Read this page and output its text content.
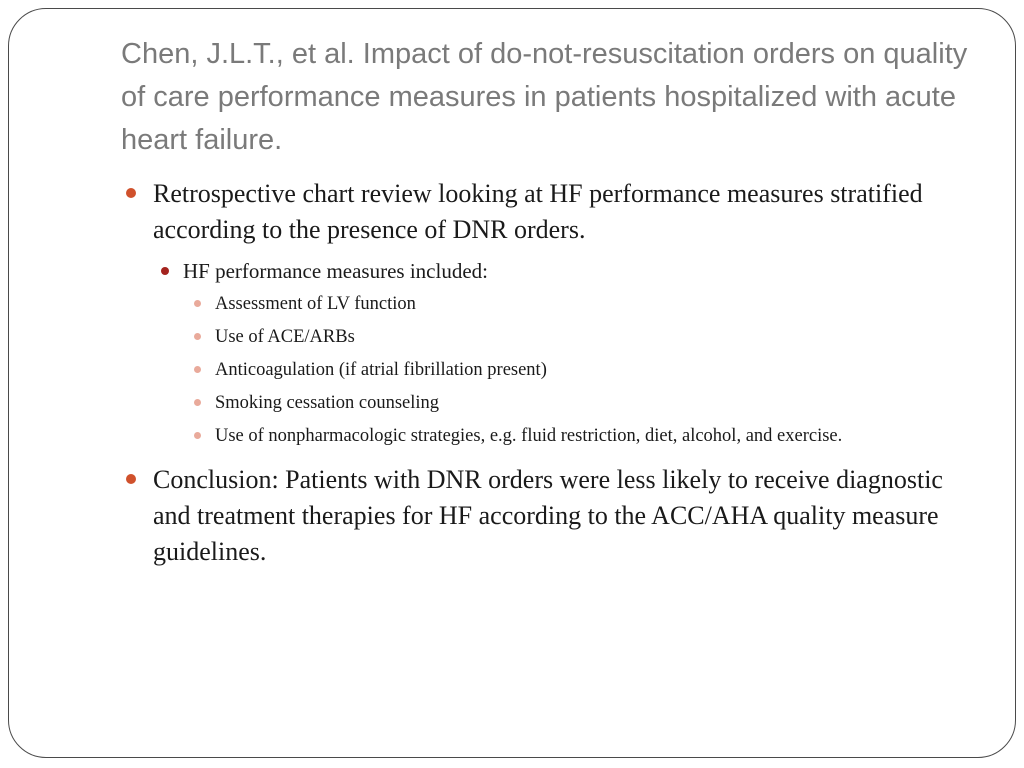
Chen, J.L.T., et al. Impact of do-not-resuscitation orders on quality of care performance measures in patients hospitalized with acute heart failure.
Retrospective chart review looking at HF performance measures stratified according to the presence of DNR orders.
HF performance measures included:
Assessment of LV function
Use of ACE/ARBs
Anticoagulation (if atrial fibrillation present)
Smoking cessation counseling
Use of nonpharmacologic strategies, e.g. fluid restriction, diet, alcohol, and exercise.
Conclusion: Patients with DNR orders were less likely to receive diagnostic and treatment therapies for HF according to the ACC/AHA quality measure guidelines.
